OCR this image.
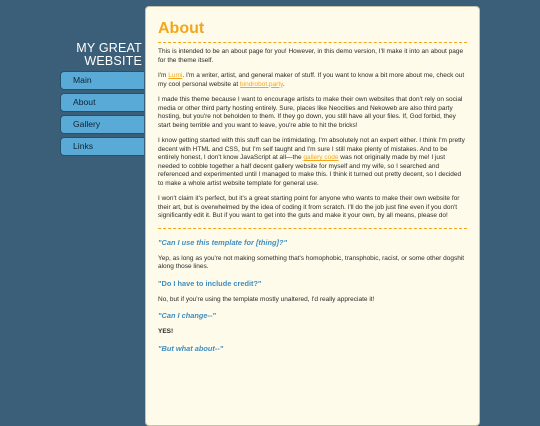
MY GREAT WEBSITE
Main
About
Gallery
Links
About

This is intended to be an about page for you! However, in this demo version, I'll make it into an about page for the theme itself.

I'm Lumi. I'm a writer, artist, and general maker of stuff. If you want to know a bit more about me, check out my cool personal website at bindrobot.party.

I made this theme because I want to encourage artists to make their own websites that don't rely on social media or other third party hosting entirely. Sure, places like Neocities and Nekoweb are also third party hosting, but you're not beholden to them. If they go down, you still have all your files. If, God forbid, they start being terrible and you want to leave, you're able to hit the bricks!

I know getting started with this stuff can be intimidating. I'm absolutely not an expert either. I think I'm pretty decent with HTML and CSS, but I'm self taught and I'm sure I still make plenty of mistakes. And to be entirely honest, I don't know JavaScript at all—the gallery code was not originally made by me! I just needed to cobble together a half decent gallery website for myself and my wife, so I searched and referenced and experimented until I managed to make this. I think it turned out pretty decent, so I decided to make a whole artist website template for general use.

I won't claim it's perfect, but it's a great starting point for anyone who wants to make their own website for their art, but is overwhelmed by the idea of coding it from scratch. I'll do the job just fine even if you don't significantly edit it. But if you want to get into the guts and make it your own, by all means, please do!

"Can I use this template for [thing]?"

Yep, as long as you're not making something that's homophobic, transphobic, racist, or some other dogshit along those lines.

"Do I have to include credit?"

No, but if you're using the template mostly unaltered, I'd really appreciate it!

"Can I change--"

YES!

"But what about--"
